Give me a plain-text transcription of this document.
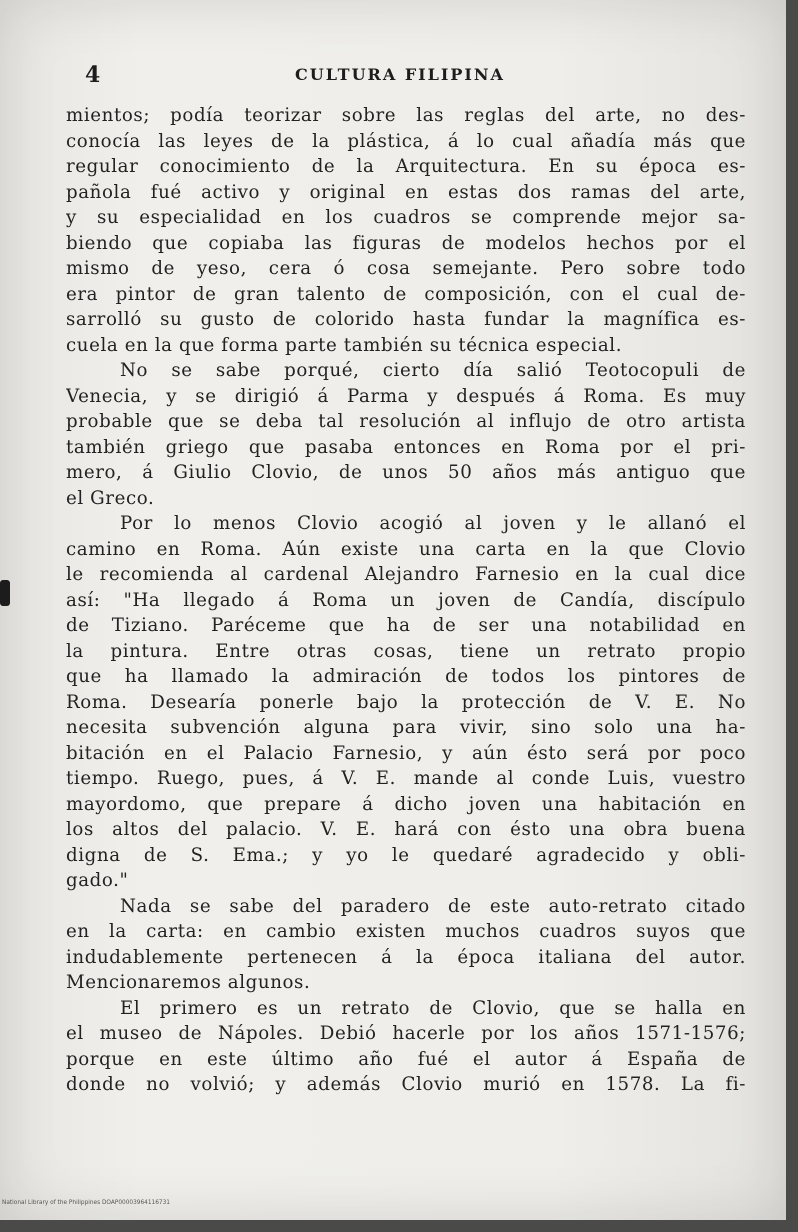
4	CULTURA FILIPINA
mientos; podía teorizar sobre las reglas del arte, no des-
conocía las leyes de la plástica, á lo cual añadía más que
regular conocimiento de la Arquitectura. En su época es-
pañola fué activo y original en estas dos ramas del arte,
y su especialidad en los cuadros se comprende mejor sa-
biendo que copiaba las figuras de modelos hechos por el
mismo de yeso, cera ó cosa semejante. Pero sobre todo
era pintor de gran talento de composición, con el cual de-
sarrolló su gusto de colorido hasta fundar la magnífica es-
cuela en la que forma parte también su técnica especial.
No se sabe porqué, cierto día salió Teotocopuli de
Venecia, y se dirigió á Parma y después á Roma. Es muy
probable que se deba tal resolución al influjo de otro artista
también griego que pasaba entonces en Roma por el pri-
mero, á Giulio Clovio, de unos 50 años más antiguo que
el Greco.
Por lo menos Clovio acogió al joven y le allanó el
camino en Roma. Aún existe una carta en la que Clovio
le recomienda al cardenal Alejandro Farnesio en la cual dice
así: "Ha llegado á Roma un joven de Candía, discípulo
de Tiziano. Paréceme que ha de ser una notabilidad en
la pintura. Entre otras cosas, tiene un retrato propio
que ha llamado la admiración de todos los pintores de
Roma. Desearía ponerle bajo la protección de V. E. No
necesita subvención alguna para vivir, sino solo una ha-
bitación en el Palacio Farnesio, y aún ésto será por poco
tiempo. Ruego, pues, á V. E. mande al conde Luis, vuestro
mayordomo, que prepare á dicho joven una habitación en
los altos del palacio. V. E. hará con ésto una obra buena
digna de S. Ema.; y yo le quedaré agradecido y obli-
gado."
Nada se sabe del paradero de este auto-retrato citado
en la carta: en cambio existen muchos cuadros suyos que
indudablemente pertenecen á la época italiana del autor.
Mencionaremos algunos.
El primero es un retrato de Clovio, que se halla en
el museo de Nápoles. Debió hacerle por los años 1571-1576;
porque en este último año fué el autor á España de
donde no volvió; y además Clovio murió en 1578. La fi-
National Library of the Philippines DOAP00003964116731
